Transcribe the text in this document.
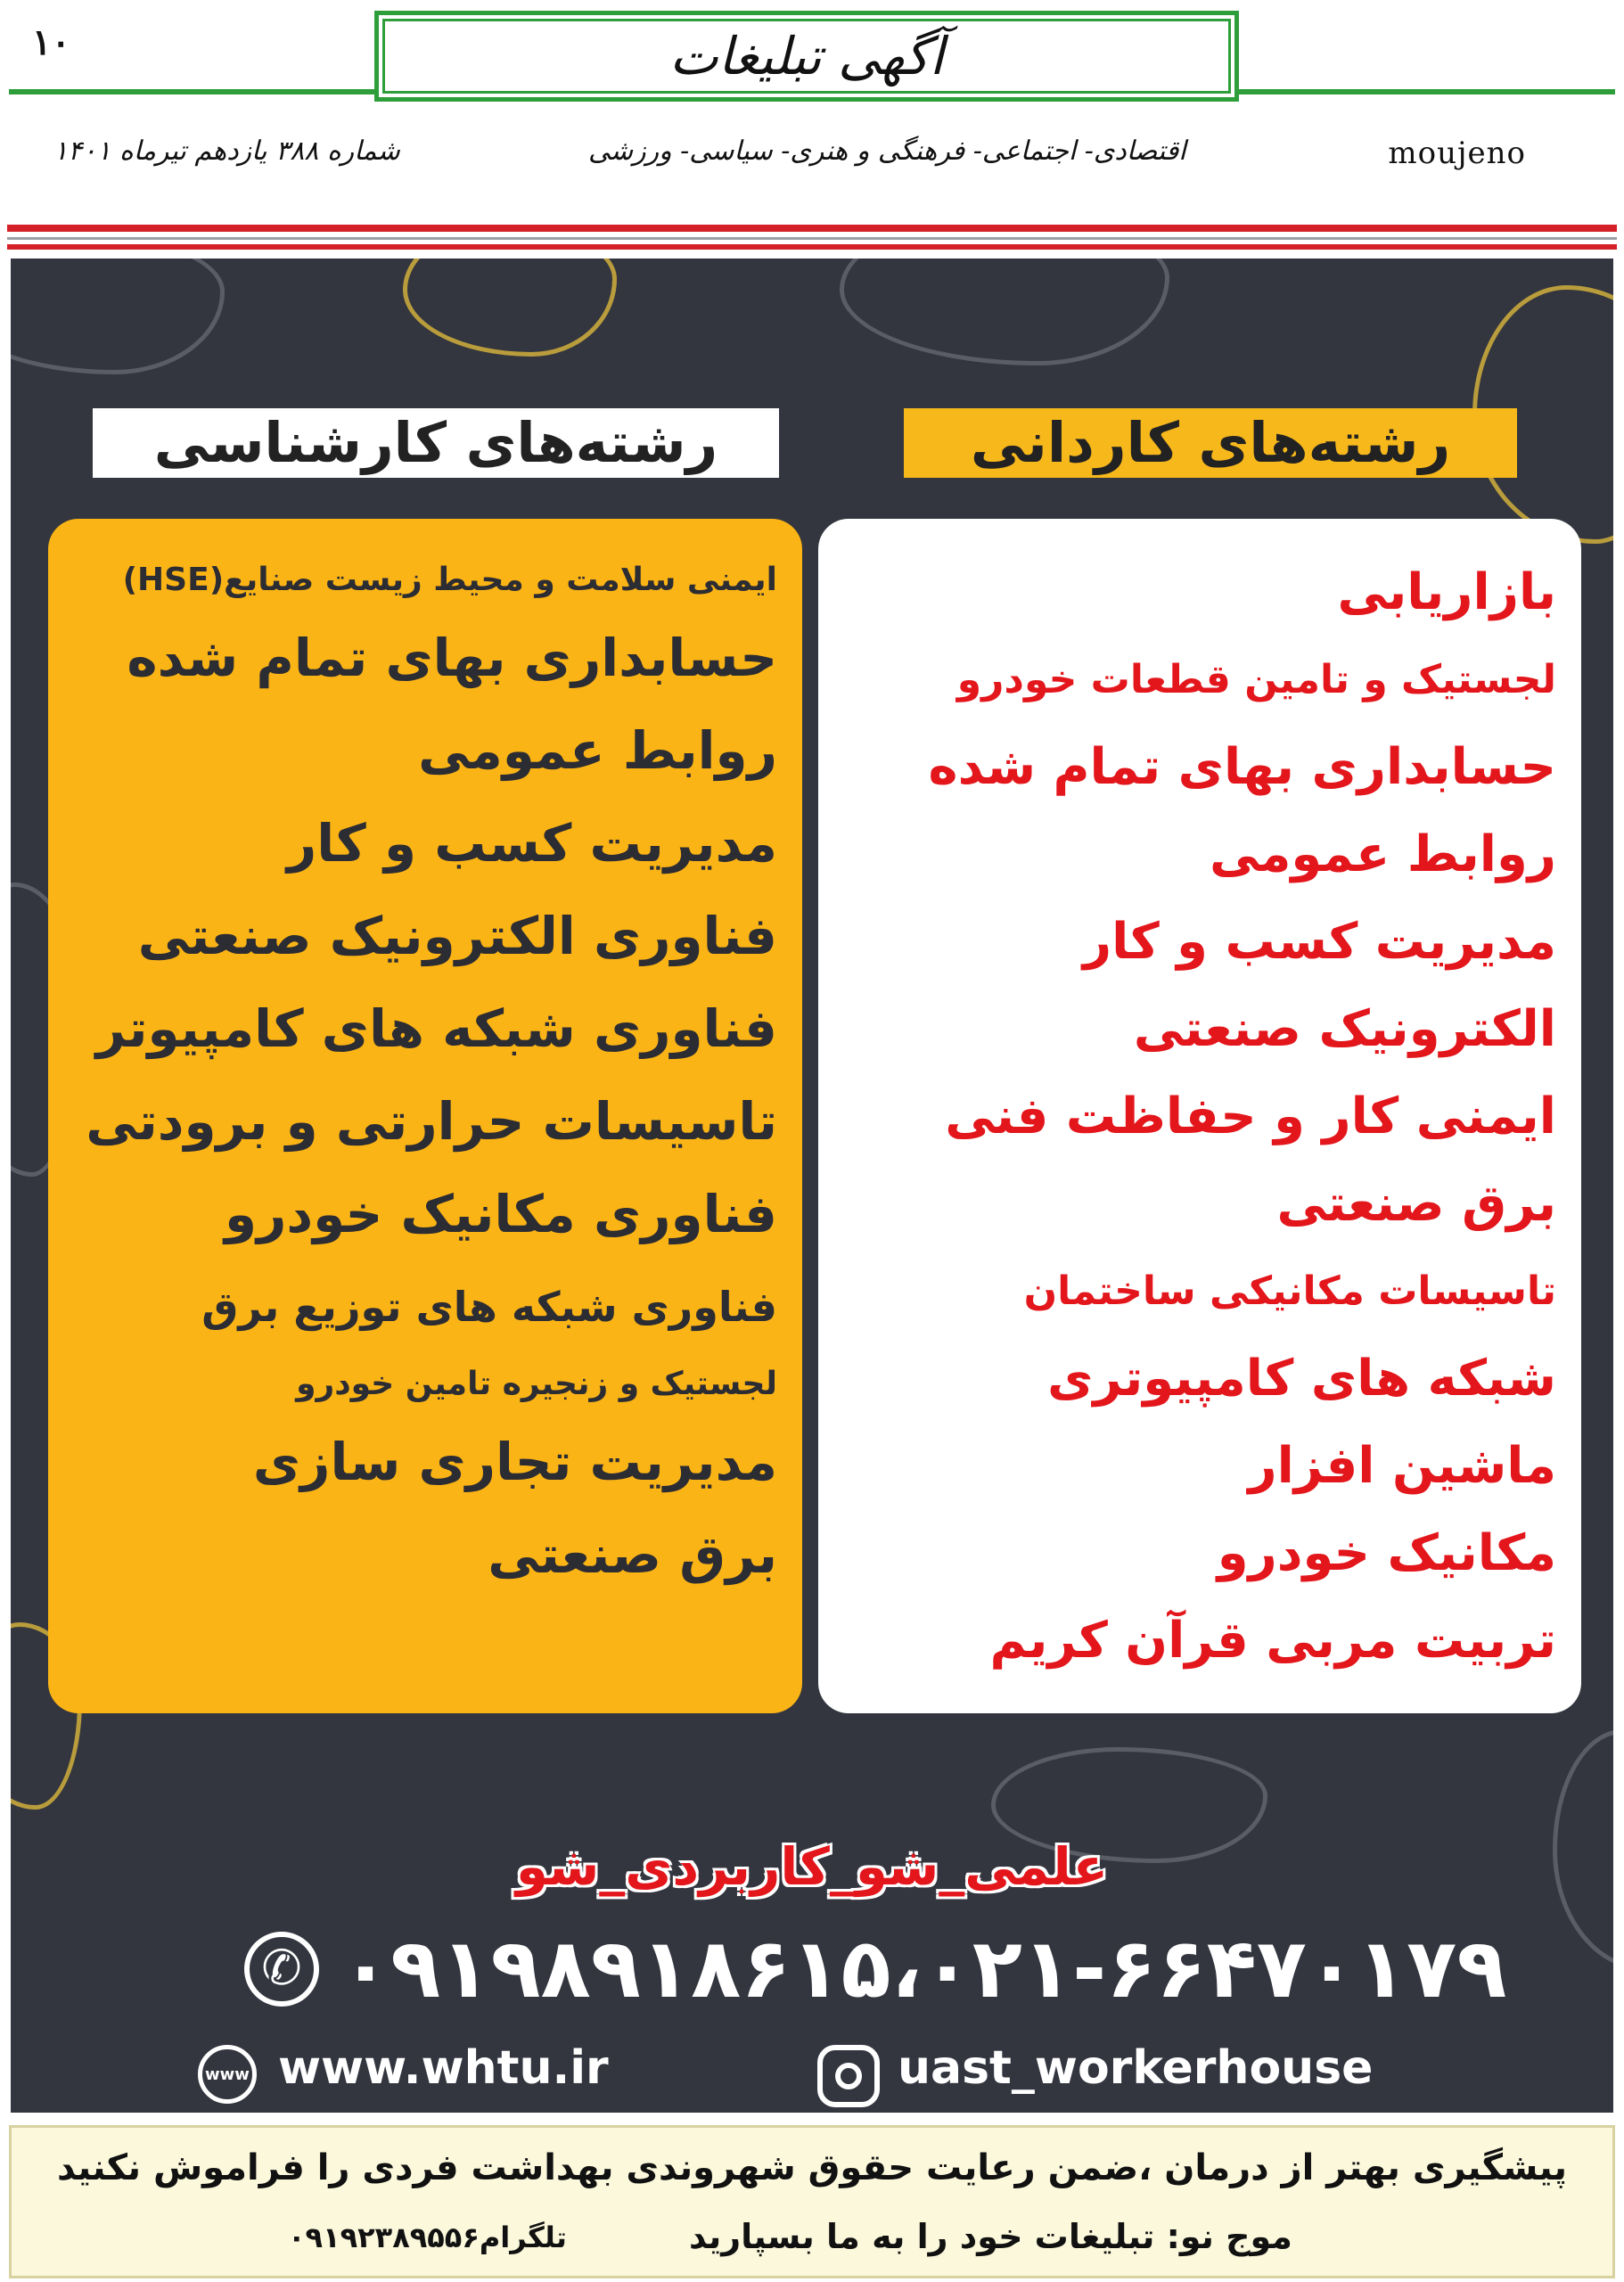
۱۰	آگهی تبلیغات
شماره ۳۸۸ یازدهم تیرماه ۱۴۰۱	اقتصادی- اجتماعی- فرهنگی و هنری- سیاسی- ورزشی	moujeno
رشته‌های کارشناسی	رشته‌های کاردانی
ایمنی سلامت و محیط زیست صنایع(HSE)
حسابداری بهای تمام شده
روابط عمومی
مدیریت کسب و کار
فناوری الکترونیک صنعتی
فناوری شبکه های کامپیوتر
تاسیسات حرارتی و برودتی
فناوری مکانیک خودرو
فناوری شبکه های توزیع برق
لجستیک و زنجیره تامین خودرو
مدیریت تجاری سازی
برق صنعتی
بازاریابی
لجستیک و تامین قطعات خودرو
حسابداری بهای تمام شده
روابط عمومی
مدیریت کسب و کار
الکترونیک صنعتی
ایمنی کار و حفاظت فنی
برق صنعتی
تاسیسات مکانیکی ساختمان
شبکه های کامپیوتری
ماشین افزار
مکانیک خودرو
تربیت مربی قرآن کریم
علمی_شو_کاربردی_شو
✆ ۰۹۱۹۸۹۱۸۶۱۵،۰۲۱-۶۶۴۷۰۱۷۹
www www.whtu.ir	uast_workerhouse
پیشگیری بهتر از درمان ،ضمن رعایت حقوق شهروندی بهداشت فردی را فراموش نکنید
موج نو: تبلیغات خود را به ما بسپارید
تلگرام۰۹۱۹۲۳۸۹۵۵۶
